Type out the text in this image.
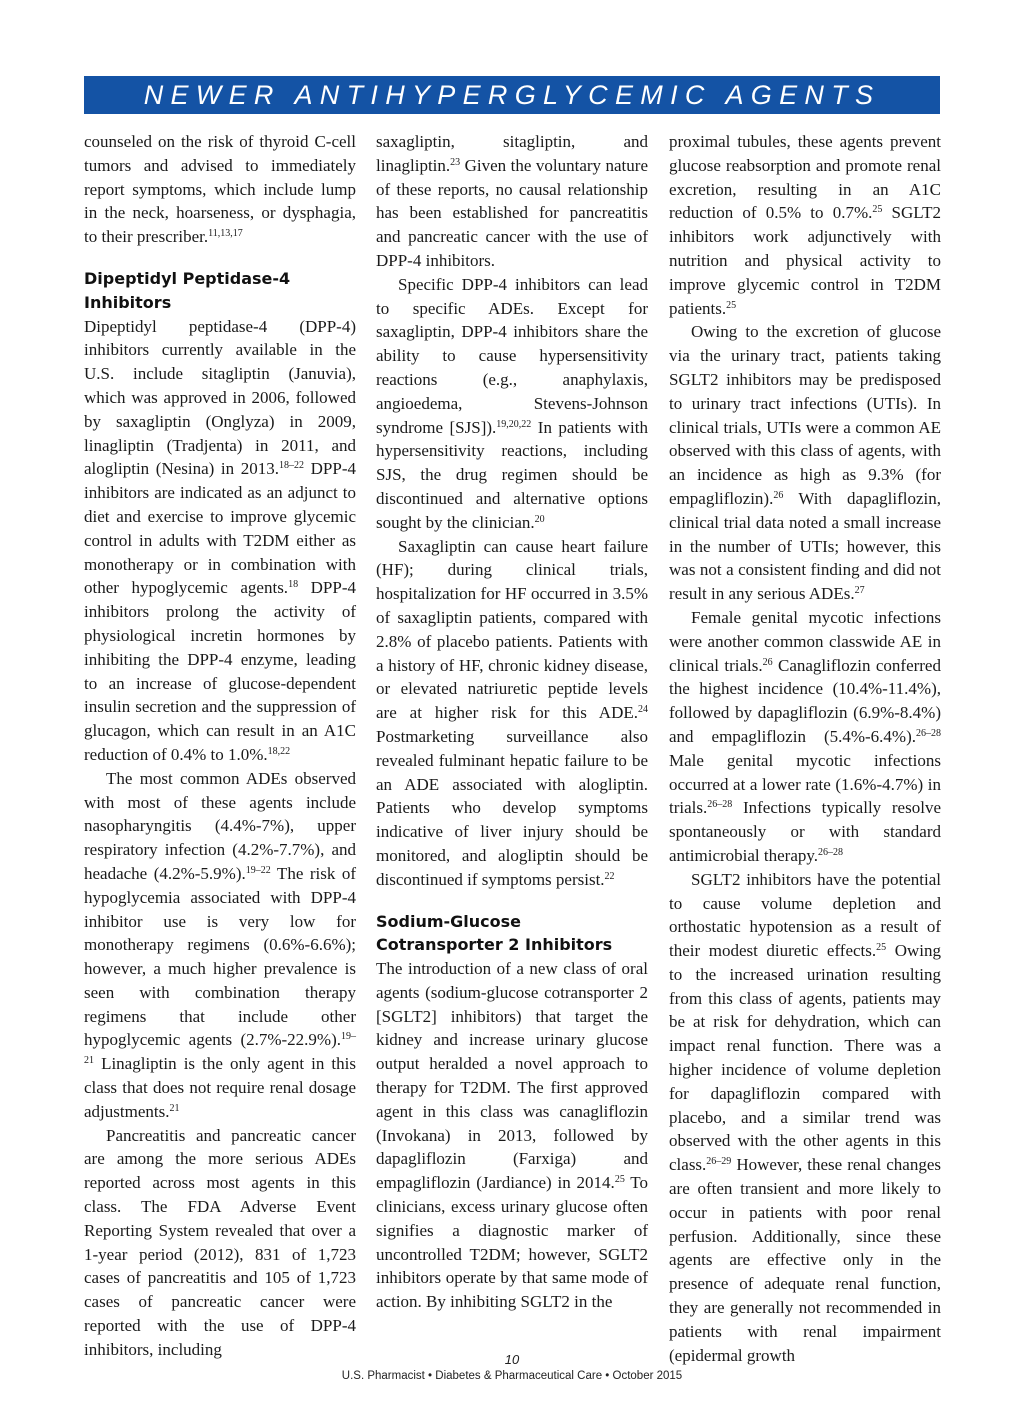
NEWER ANTIHYPERGLYCEMIC AGENTS

counseled on the risk of thyroid C-cell tumors and advised to immediately report symptoms, which include lump in the neck, hoarseness, or dysphagia, to their prescriber.$^{11,13,17}$

Dipeptidyl Peptidase-4 Inhibitors

Dipeptidyl peptidase-4 (DPP-4) inhibitors currently available in the U.S. include sitagliptin (Januvia), which was approved in 2006, followed by saxagliptin (Onglyza) in 2009, linagliptin (Tradjenta) in 2011, and alogliptin (Nesina) in 2013.$^{18-22}$ DPP-4 inhibitors are indicated as an adjunct to diet and exercise to improve glycemic control in adults with T2DM either as monotherapy or in combination with other hypoglycemic agents.$^{18}$ DPP-4 inhibitors prolong the activity of physiological incretin hormones by inhibiting the DPP-4 enzyme, leading to an increase of glucose-dependent insulin secretion and the suppression of glucagon, which can result in an A1C reduction of 0.4% to 1.0%.$^{18,22}$

The most common ADEs observed with most of these agents include nasopharyngitis (4.4%-7%), upper respiratory infection (4.2%-7.7%), and headache (4.2%-5.9%).$^{19-22}$ The risk of hypoglycemia associated with DPP-4 inhibitor use is very low for monotherapy regimens (0.6%-6.6%); however, a much higher prevalence is seen with combination therapy regimens that include other hypoglycemic agents (2.7%-22.9%).$^{19-21}$ Linagliptin is the only agent in this class that does not require renal dosage adjustments.$^{21}$

Pancreatitis and pancreatic cancer are among the more serious ADEs reported across most agents in this class. The FDA Adverse Event Reporting System revealed that over a 1-year period (2012), 831 of 1,723 cases of pancreatitis and 105 of 1,723 cases of pancreatic cancer were reported with the use of DPP-4 inhibitors, including

saxagliptin, sitagliptin, and linagliptin.$^{23}$ Given the voluntary nature of these reports, no causal relationship has been established for pancreatitis and pancreatic cancer with the use of DPP-4 inhibitors.

Specific DPP-4 inhibitors can lead to specific ADEs. Except for saxagliptin, DPP-4 inhibitors share the ability to cause hypersensitivity reactions (e.g., anaphylaxis, angioedema, Stevens-Johnson syndrome [SJS]).$^{19,20,22}$ In patients with hypersensitivity reactions, including SJS, the drug regimen should be discontinued and alternative options sought by the clinician.$^{20}$

Saxagliptin can cause heart failure (HF); during clinical trials, hospitalization for HF occurred in 3.5% of saxagliptin patients, compared with 2.8% of placebo patients. Patients with a history of HF, chronic kidney disease, or elevated natriuretic peptide levels are at higher risk for this ADE.$^{24}$ Postmarketing surveillance also revealed fulminant hepatic failure to be an ADE associated with alogliptin. Patients who develop symptoms indicative of liver injury should be monitored, and alogliptin should be discontinued if symptoms persist.$^{22}$

Sodium-Glucose Cotransporter 2 Inhibitors

The introduction of a new class of oral agents (sodium-glucose cotransporter 2 [SGLT2] inhibitors) that target the kidney and increase urinary glucose output heralded a novel approach to therapy for T2DM. The first approved agent in this class was canagliflozin (Invokana) in 2013, followed by dapagliflozin (Farxiga) and empagliflozin (Jardiance) in 2014.25 To clinicians, excess urinary glucose often signifies a diagnostic marker of uncontrolled T2DM; however, SGLT2 inhibitors operate by that same mode of action. By inhibiting SGLT2 in the

proximal tubules, these agents prevent glucose reabsorption and promote renal excretion, resulting in an A1C reduction of 0.5% to 0.7%.$^{25}$ SGLT2 inhibitors work adjunctively with nutrition and physical activity to improve glycemic control in T2DM patients.$^{25}$

Owing to the excretion of glucose via the urinary tract, patients taking SGLT2 inhibitors may be predisposed to urinary tract infections (UTIs). In clinical trials, UTIs were a common AE observed with this class of agents, with an incidence as high as 9.3% (for empagliflozin).$^{26}$ With dapagliflozin, clinical trial data noted a small increase in the number of UTIs; however, this was not a consistent finding and did not result in any serious ADEs.$^{27}$

Female genital mycotic infections were another common classwide AE in clinical trials.$^{26}$ Canagliflozin conferred the highest incidence (10.4%-11.4%), followed by dapagliflozin (6.9%-8.4%) and empagliflozin (5.4%-6.4%).$^{26-28}$ Male genital mycotic infections occurred at a lower rate (1.6%-4.7%) in trials.$^{26-28}$ Infections typically resolve spontaneously or with standard antimicrobial therapy.$^{26-28}$

SGLT2 inhibitors have the potential to cause volume depletion and orthostatic hypotension as a result of their modest diuretic effects.$^{25}$ Owing to the increased urination resulting from this class of agents, patients may be at risk for dehydration, which can impact renal function. There was a higher incidence of volume depletion for dapagliflozin compared with placebo, and a similar trend was observed with the other agents in this class.$^{26-29}$ However, these renal changes are often transient and more likely to occur in patients with poor renal perfusion. Additionally, since these agents are effective only in the presence of adequate renal function, they are generally not recommended in patients with renal impairment (epidermal growth

10
U.S. Pharmacist • Diabetes & Pharmaceutical Care • October 2015
